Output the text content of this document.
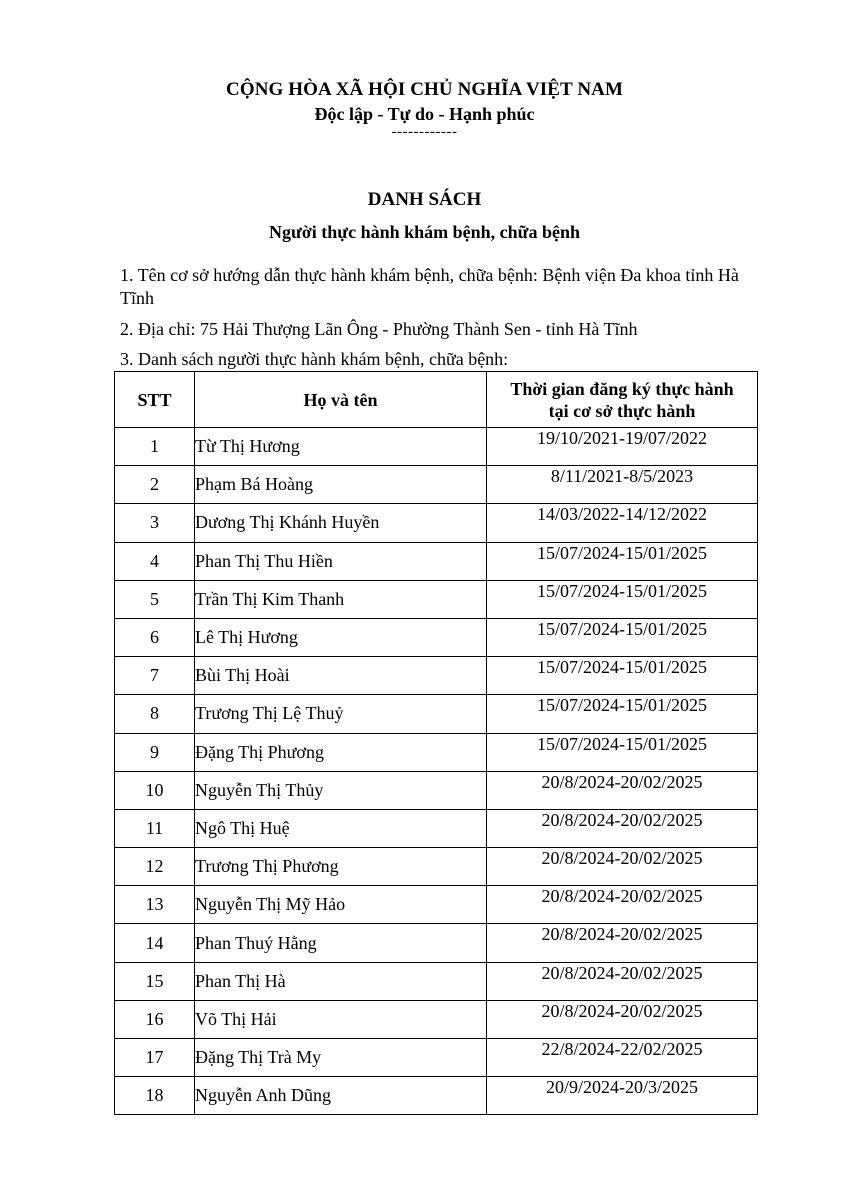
CỘNG HÒA XÃ HỘI CHỦ NGHĨA VIỆT NAM
Độc lập - Tự do - Hạnh phúc
------------
DANH SÁCH
Người thực hành khám bệnh, chữa bệnh
1. Tên cơ sở hướng dẫn thực hành khám bệnh, chữa bệnh: Bệnh viện Đa khoa tỉnh Hà Tĩnh
2. Địa chỉ: 75 Hải Thượng Lãn Ông - Phường Thành Sen - tỉnh Hà Tĩnh
3. Danh sách người thực hành khám bệnh, chữa bệnh:
STT	Họ và tên	Thời gian đăng ký thực hành tại cơ sở thực hành
1	Từ Thị Hương	19/10/2021-19/07/2022
2	Phạm Bá Hoàng	8/11/2021-8/5/2023
3	Dương Thị Khánh Huyền	14/03/2022-14/12/2022
4	Phan Thị Thu Hiền	15/07/2024-15/01/2025
5	Trần Thị Kim Thanh	15/07/2024-15/01/2025
6	Lê Thị Hương	15/07/2024-15/01/2025
7	Bùi Thị Hoài	15/07/2024-15/01/2025
8	Trương Thị Lệ Thuỷ	15/07/2024-15/01/2025
9	Đặng Thị Phương	15/07/2024-15/01/2025
10	Nguyễn Thị Thủy	20/8/2024-20/02/2025
11	Ngô Thị Huệ	20/8/2024-20/02/2025
12	Trương Thị Phương	20/8/2024-20/02/2025
13	Nguyễn Thị Mỹ Hảo	20/8/2024-20/02/2025
14	Phan Thuý Hằng	20/8/2024-20/02/2025
15	Phan Thị Hà	20/8/2024-20/02/2025
16	Võ Thị Hải	20/8/2024-20/02/2025
17	Đặng Thị Trà My	22/8/2024-22/02/2025
18	Nguyễn Anh Dũng	20/9/2024-20/3/2025
